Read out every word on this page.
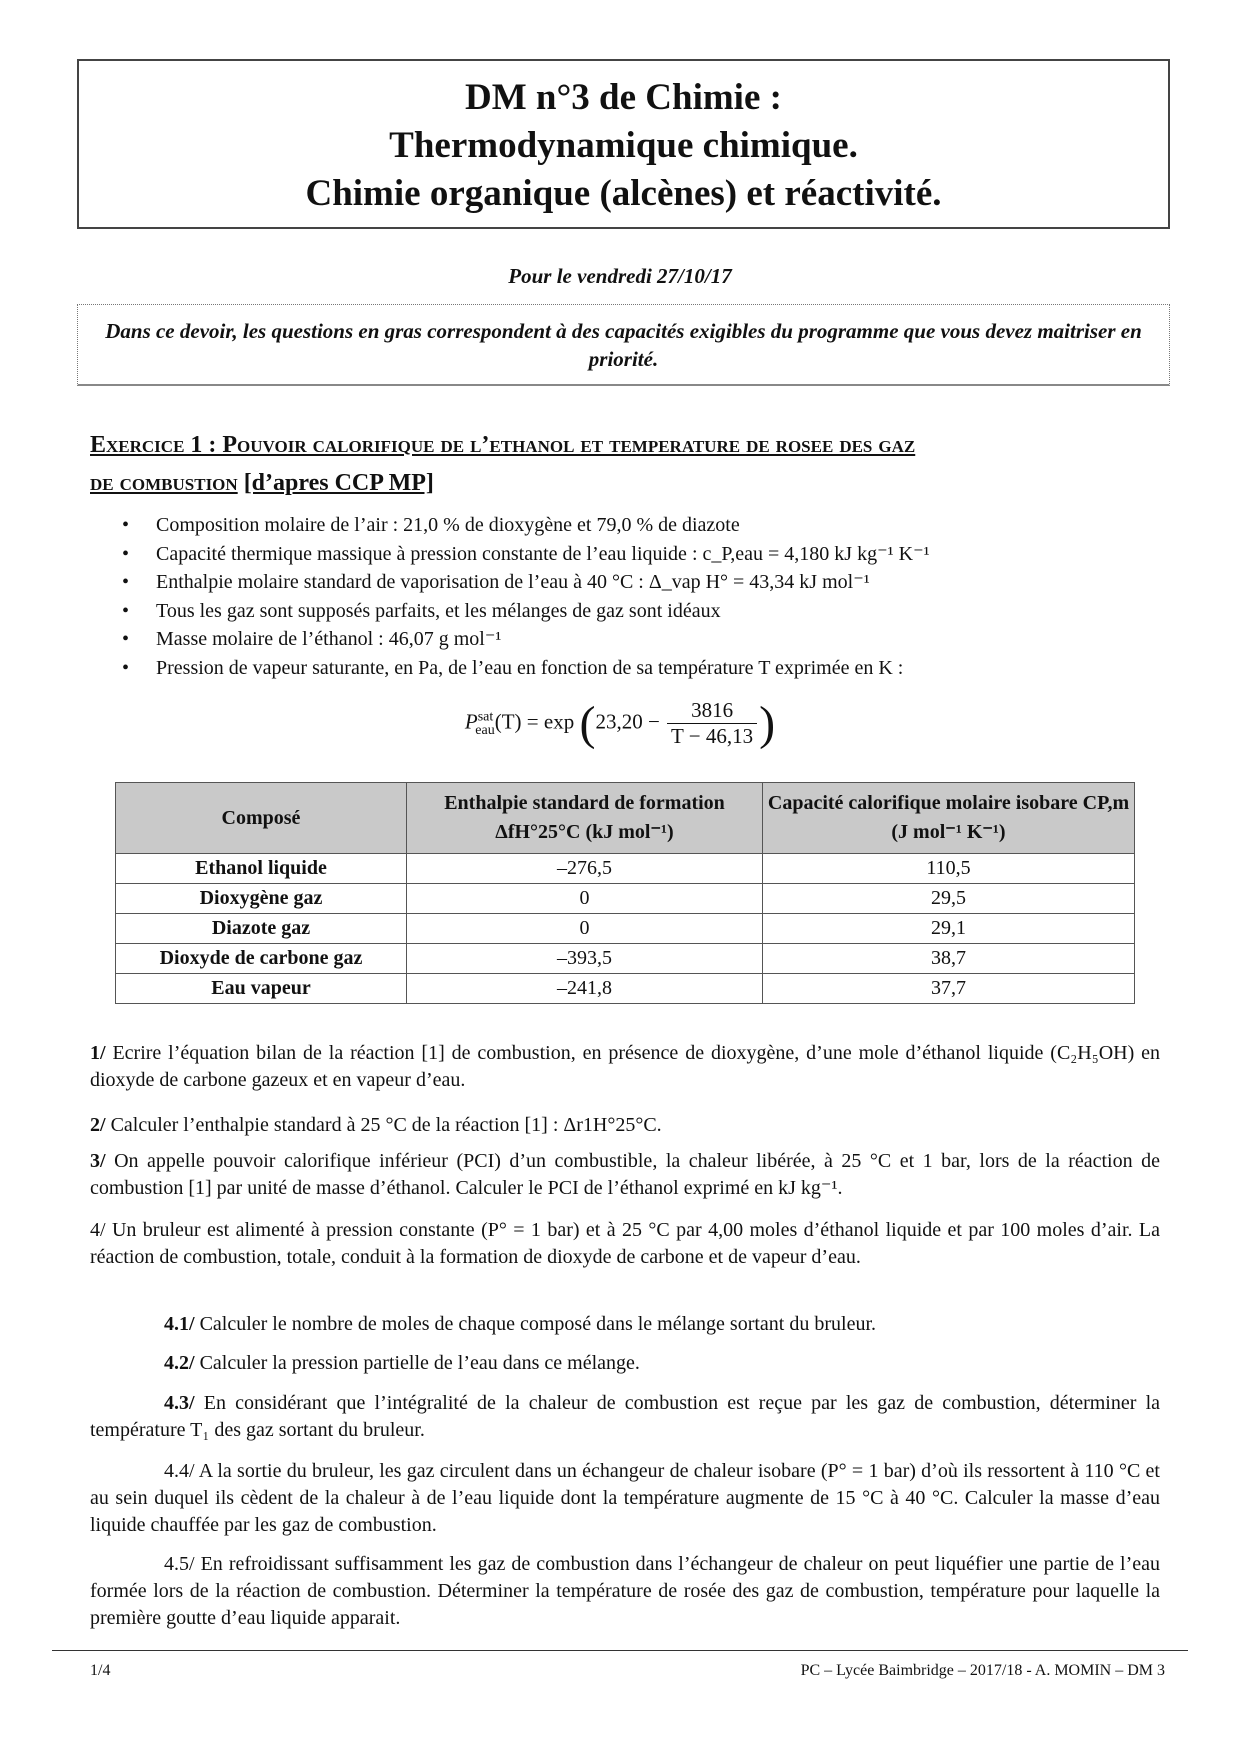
DM n°3 de Chimie :
Thermodynamique chimique.
Chimie organique (alcènes) et réactivité.
Pour le vendredi 27/10/17
Dans ce devoir, les questions en gras correspondent à des capacités exigibles du programme que vous devez maitriser en priorité.
Exercice 1 : Pouvoir calorifique de l’ethanol et temperature de rosee des gaz
de combustion [d’apres CCP MP]
• Composition molaire de l’air : 21,0 % de dioxygène et 79,0 % de diazote
• Capacité thermique massique à pression constante de l’eau liquide : c_P,eau = 4,180 kJ kg⁻¹ K⁻¹
• Enthalpie molaire standard de vaporisation de l’eau à 40 °C : Δ_vap H° = 43,34 kJ mol⁻¹
• Tous les gaz sont supposés parfaits, et les mélanges de gaz sont idéaux
• Masse molaire de l’éthanol : 46,07 g mol⁻¹
• Pression de vapeur saturante, en Pa, de l’eau en fonction de sa température T exprimée en K :
$P^{sat}_{eau}(T) = \exp (23,20 - \frac{3816}{T - 46,13}$ )
Composé	Enthalpie standard de formation ΔfH°25°C (kJ mol⁻¹)	Capacité calorifique molaire isobare CP,m (J mol⁻¹ K⁻¹)
Ethanol liquide	–276,5	110,5
Dioxygène gaz	0	29,5
Diazote gaz	0	29,1
Dioxyde de carbone gaz	–393,5	38,7
Eau vapeur	–241,8	37,7
1/ Ecrire l’équation bilan de la réaction [1] de combustion, en présence de dioxygène, d’une mole d’éthanol liquide (C₂H₅OH) en dioxyde de carbone gazeux et en vapeur d’eau.
2/ Calculer l’enthalpie standard à 25 °C de la réaction [1] : Δr1H°25°C.
3/ On appelle pouvoir calorifique inférieur (PCI) d’un combustible, la chaleur libérée, à 25 °C et 1 bar, lors de la réaction de combustion [1] par unité de masse d’éthanol. Calculer le PCI de l’éthanol exprimé en kJ kg⁻¹.
4/ Un bruleur est alimenté à pression constante (P° = 1 bar) et à 25 °C par 4,00 moles d’éthanol liquide et par 100 moles d’air. La réaction de combustion, totale, conduit à la formation de dioxyde de carbone et de vapeur d’eau.
4.1/ Calculer le nombre de moles de chaque composé dans le mélange sortant du bruleur.
4.2/ Calculer la pression partielle de l’eau dans ce mélange.
4.3/ En considérant que l’intégralité de la chaleur de combustion est reçue par les gaz de combustion, déterminer la température T₁ des gaz sortant du bruleur.
4.4/ A la sortie du bruleur, les gaz circulent dans un échangeur de chaleur isobare (P° = 1 bar) d’où ils ressortent à 110 °C et au sein duquel ils cèdent de la chaleur à de l’eau liquide dont la température augmente de 15 °C à 40 °C. Calculer la masse d’eau liquide chauffée par les gaz de combustion.
4.5/ En refroidissant suffisamment les gaz de combustion dans l’échangeur de chaleur on peut liquéfier une partie de l’eau formée lors de la réaction de combustion. Déterminer la température de rosée des gaz de combustion, température pour laquelle la première goutte d’eau liquide apparait.
1/4	PC – Lycée Baimbridge – 2017/18 - A. MOMIN – DM 3
